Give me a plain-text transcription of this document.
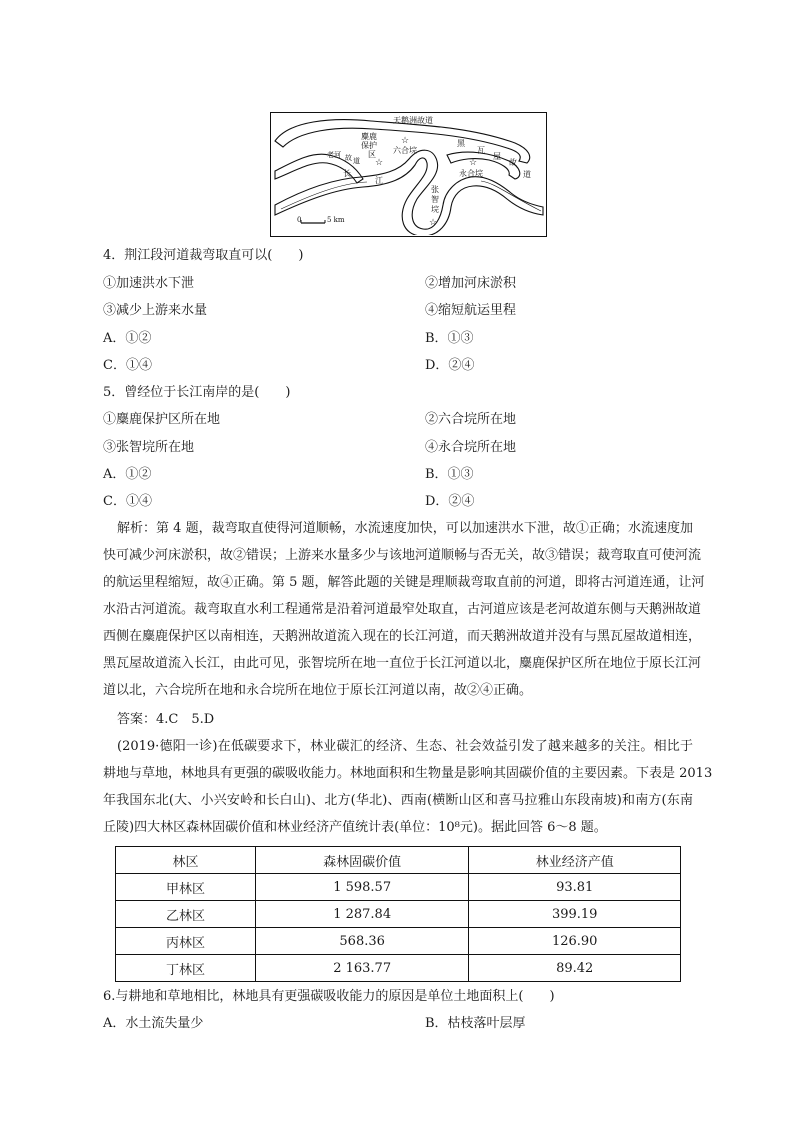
天鹅洲故道
麋鹿
保护
区
老河 故 道
六合垸
黑
瓦
屋
故
道
长
江
永合垸
张
智
垸
☆
☆	☆
☆
0	5 km
4．荆江段河道裁弯取直可以(　　)
①加速洪水下泄	②增加河床淤积
③减少上游来水量	④缩短航运里程
A．①②	B．①③
C．①④	D．②④
5．曾经位于长江南岸的是(　　)
①麋鹿保护区所在地	②六合垸所在地
③张智垸所在地	④永合垸所在地
A．①②	B．①③
C．①④	D．②④
解析：第 4 题，裁弯取直使得河道顺畅，水流速度加快，可以加速洪水下泄，故①正确；水流速度加
快可减少河床淤积，故②错误；上游来水量多少与该地河道顺畅与否无关，故③错误；裁弯取直可使河流
的航运里程缩短，故④正确。第 5 题，解答此题的关键是理顺裁弯取直前的河道，即将古河道连通，让河
水沿古河道流。裁弯取直水利工程通常是沿着河道最窄处取直，古河道应该是老河故道东侧与天鹅洲故道
西侧在麋鹿保护区以南相连，天鹅洲故道流入现在的长江河道，而天鹅洲故道并没有与黑瓦屋故道相连，
黑瓦屋故道流入长江，由此可见，张智垸所在地一直位于长江河道以北，麋鹿保护区所在地位于原长江河
道以北，六合垸所在地和永合垸所在地位于原长江河道以南，故②④正确。
答案：4.C　5.D
(2019·德阳一诊)在低碳要求下，林业碳汇的经济、生态、社会效益引发了越来越多的关注。相比于
耕地与草地，林地具有更强的碳吸收能力。林地面积和生物量是影响其固碳价值的主要因素。下表是 2013
年我国东北(大、小兴安岭和长白山)、北方(华北)、西南(横断山区和喜马拉雅山东段南坡)和南方(东南
丘陵)四大林区森林固碳价值和林业经济产值统计表(单位：10⁸元)。据此回答 6～8 题。
林区	森林固碳价值	林业经济产值
甲林区	1 598.57	93.81
乙林区	1 287.84	399.19
丙林区	568.36	126.90
丁林区	2 163.77	89.42
6.与耕地和草地相比，林地具有更强碳吸收能力的原因是单位土地面积上(　　)
A．水土流失量少	B．枯枝落叶层厚
